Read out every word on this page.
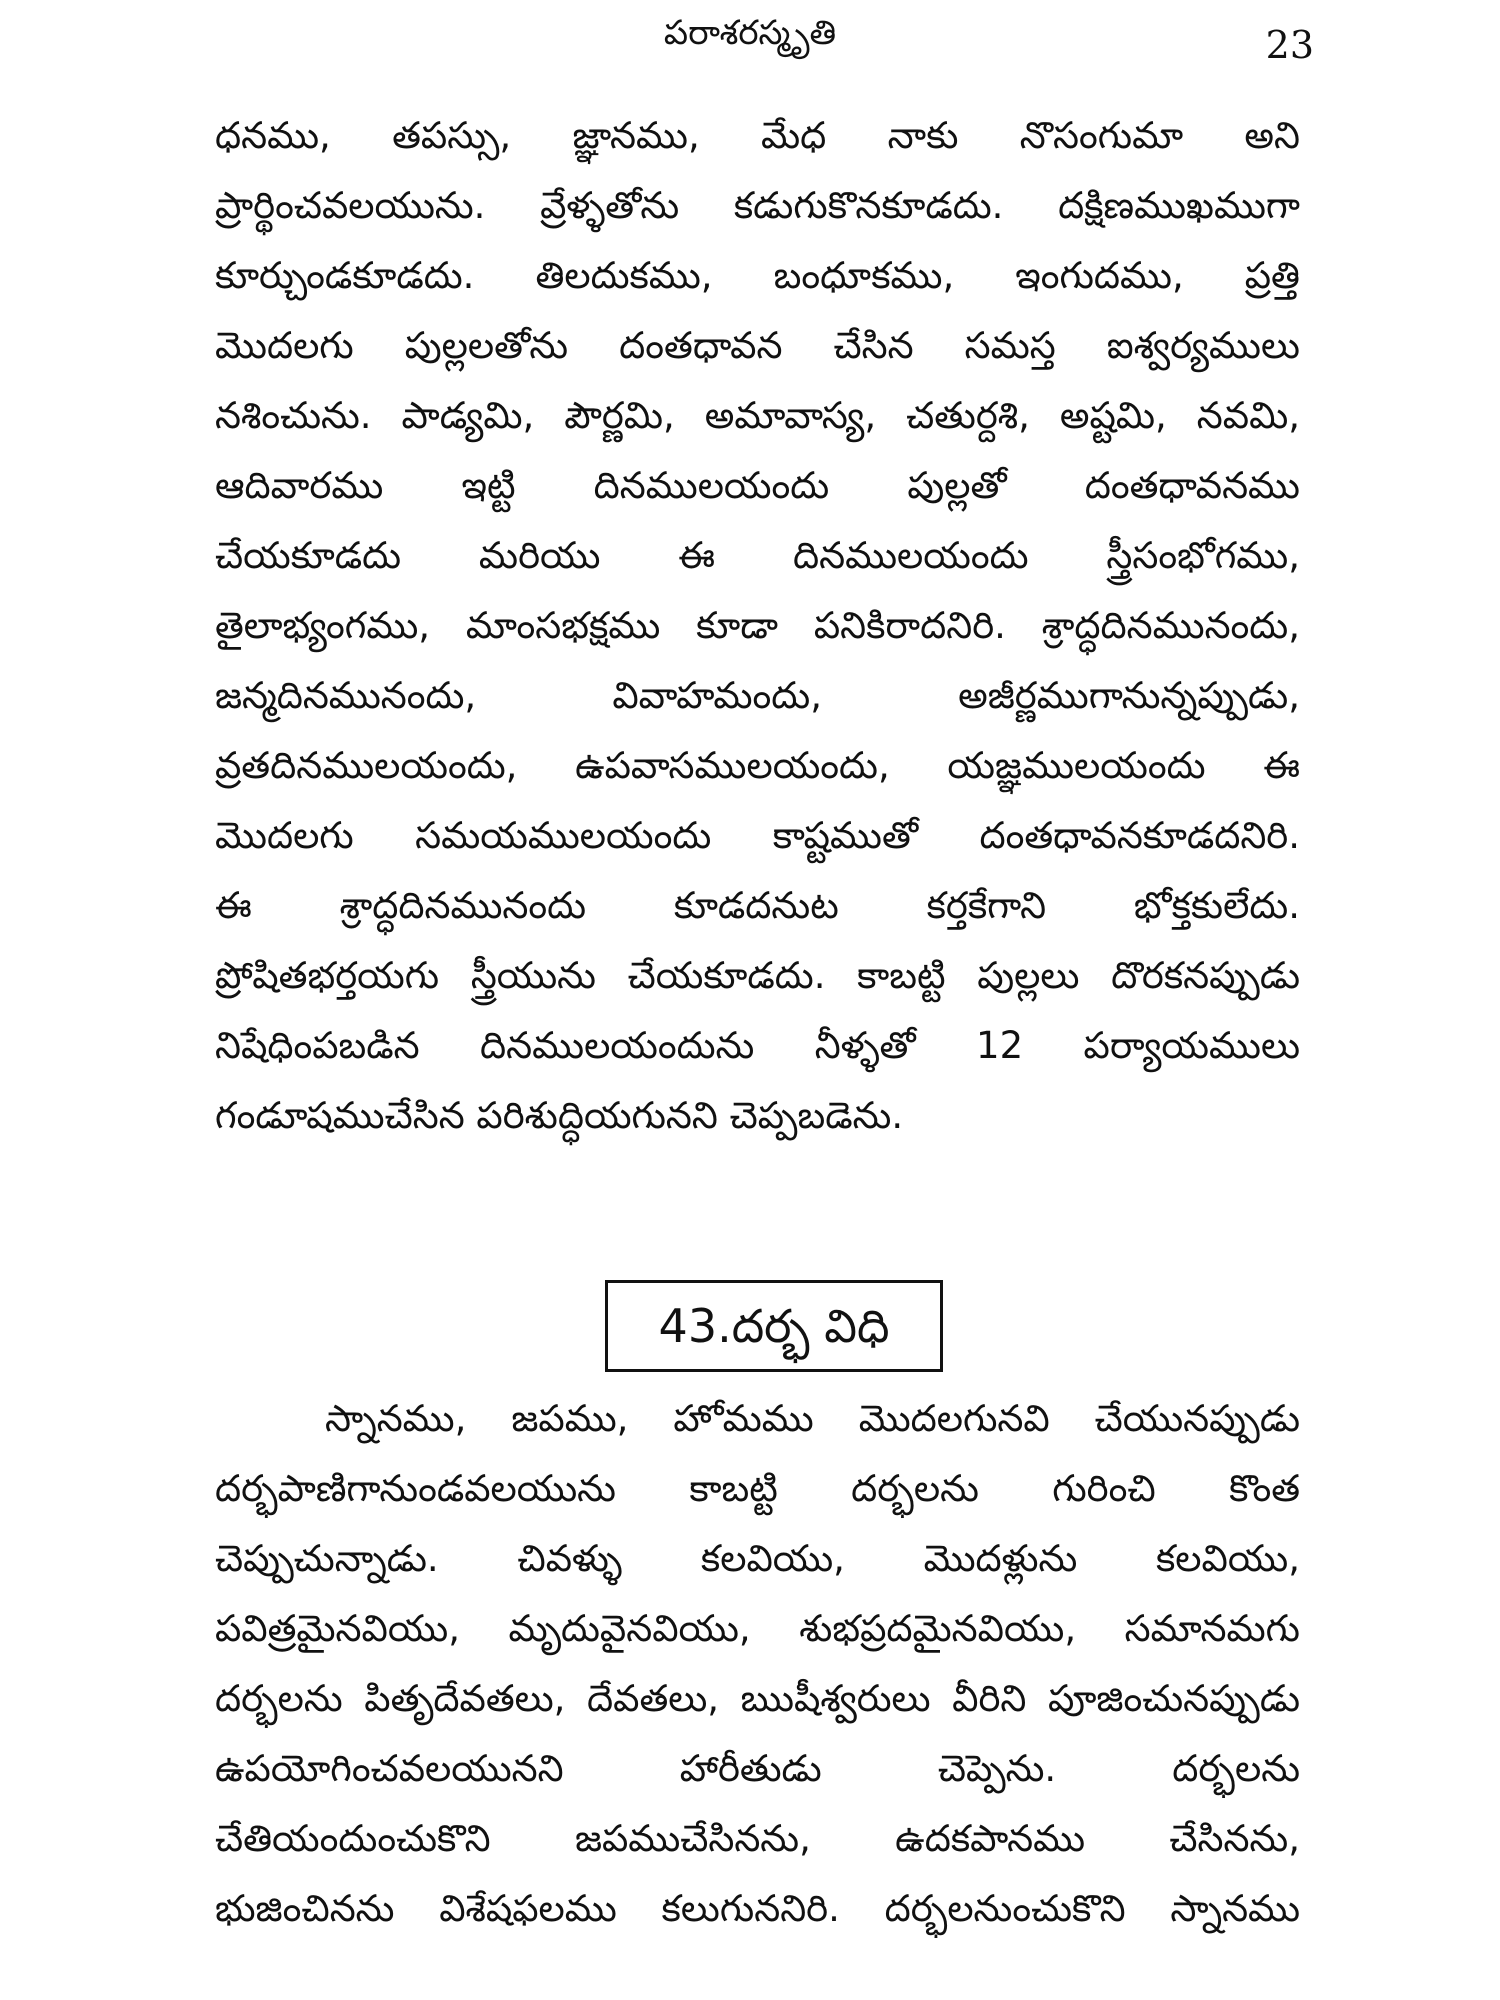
పరాశరస్మృతి	23
ధనము, తపస్సు, జ్ఞానము, మేధ నాకు నొసంగుమా అని
ప్రార్థించవలయును. వ్రేళ్ళతోను కడుగుకొనకూడదు. దక్షిణముఖముగా
కూర్చుండకూడదు. తిలదుకము, బంధూకము, ఇంగుదము, ప్రత్తి
మొదలగు పుల్లలతోను దంతధావన చేసిన సమస్త ఐశ్వర్యములు
నశించును. పాడ్యమి, పౌర్ణమి, అమావాస్య, చతుర్దశి, అష్టమి, నవమి,
ఆదివారము ఇట్టి దినములయందు పుల్లతో దంతధావనము
చేయకూడదు మరియు ఈ దినములయందు స్త్రీసంభోగము,
తైలాభ్యంగము, మాంసభక్షము కూడా పనికిరాదనిరి. శ్రాద్ధదినమునందు,
జన్మదినమునందు, వివాహమందు, అజీర్ణముగానున్నప్పుడు,
వ్రతదినములయందు, ఉపవాసములయందు, యజ్ఞములయందు ఈ
మొదలగు సమయములయందు కాష్టముతో దంతధావనకూడదనిరి.
ఈ శ్రాద్ధదినమునందు కూడదనుట కర్తకేగాని భోక్తకులేదు.
ప్రోషితభర్తయగు స్త్రీయును చేయకూడదు. కాబట్టి పుల్లలు దొరకనప్పుడు
నిషేధింపబడిన దినములయందును నీళ్ళతో 12 పర్యాయములు
గండూషముచేసిన పరిశుద్ధియగునని చెప్పబడెను.
43.దర్భ విధి
స్నానము, జపము, హోమము మొదలగునవి చేయునప్పుడు
దర్భపాణిగానుండవలయును కాబట్టి దర్భలను గురించి కొంత
చెప్పుచున్నాడు. చివళ్ళు కలవియు, మొదళ్లును కలవియు,
పవిత్రమైనవియు, మృదువైనవియు, శుభప్రదమైనవియు, సమానమగు
దర్భలను పితృదేవతలు, దేవతలు, ఋషీశ్వరులు వీరిని పూజించునప్పుడు
ఉపయోగించవలయునని హారీతుడు చెప్పెను. దర్భలను
చేతియందుంచుకొని జపముచేసినను, ఉదకపానము చేసినను,
భుజించినను విశేషఫలము కలుగుననిరి. దర్భలనుంచుకొని స్నానము
